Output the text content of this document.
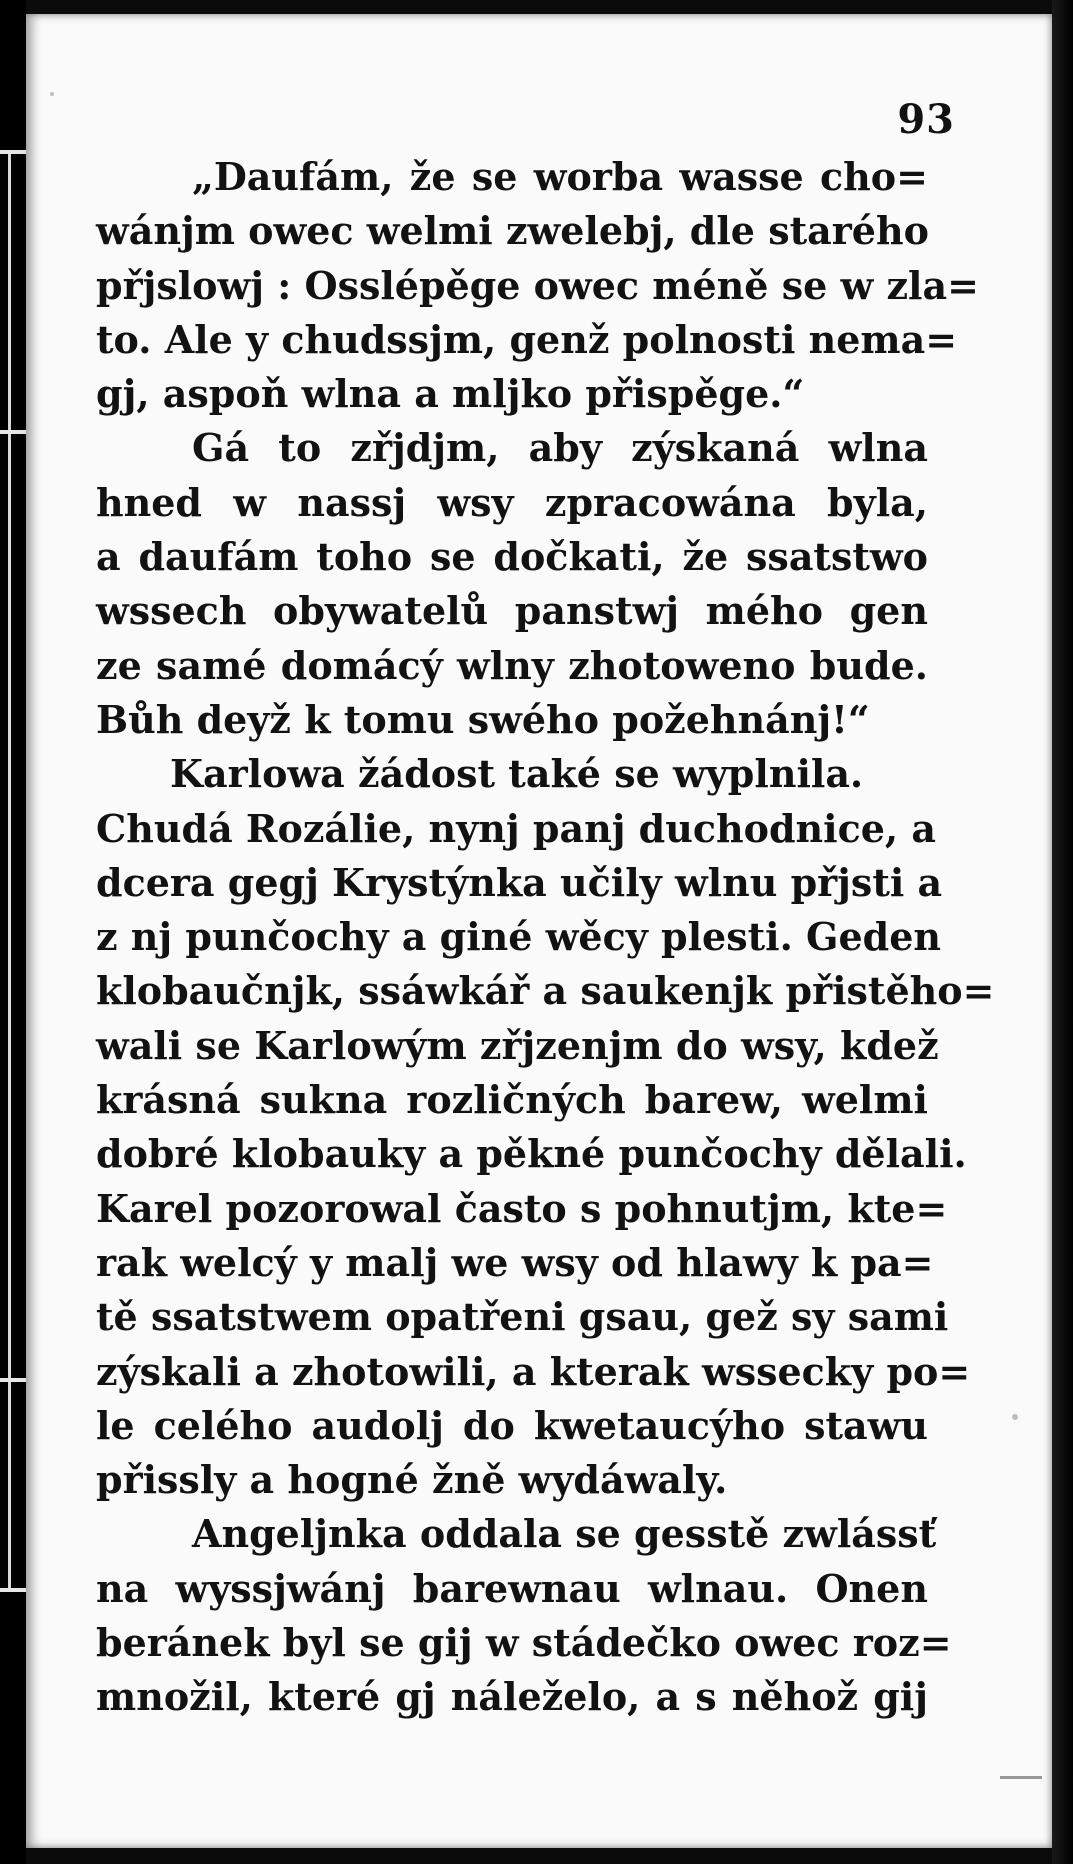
93
„Daufám, že se worba wasse cho=
wánjm owec welmi zwelebj, dle starého
přjslowj : Osslépěge owec méně se w zla=
to. Ale y chudssjm, genž polnosti nema=
gj, aspoň wlna a mljko přispěge.“
Gá to zřjdjm, aby zýskaná wlna
hned w nassj wsy zpracowána byla,
a daufám toho se dočkati, že ssatstwo
wssech obywatelů panstwj mého gen
ze samé domácý wlny zhotoweno bude.
Bůh deyž k tomu swého požehnánj!“
Karlowa žádost také se wyplnila.
Chudá Rozálie, nynj panj duchodnice, a
dcera gegj Krystýnka učily wlnu přjsti a
z nj punčochy a giné wěcy plesti. Geden
klobaučnjk, ssáwkář a saukenjk přistěho=
wali se Karlowým zřjzenjm do wsy, kdež
krásná sukna rozličných barew, welmi
dobré klobauky a pěkné punčochy dělali.
Karel pozorowal často s pohnutjm, kte=
rak welcý y malj we wsy od hlawy k pa=
tě ssatstwem opatřeni gsau, gež sy sami
zýskali a zhotowili, a kterak wssecky po=
le celého audolj do kwetaucýho stawu
přissly a hogné žně wydáwaly.
Angeljnka oddala se gesstě zwlássť
na wyssjwánj barewnau wlnau. Onen
beránek byl se gij w stádečko owec roz=
množil, které gj náleželo, a s něhož gij
